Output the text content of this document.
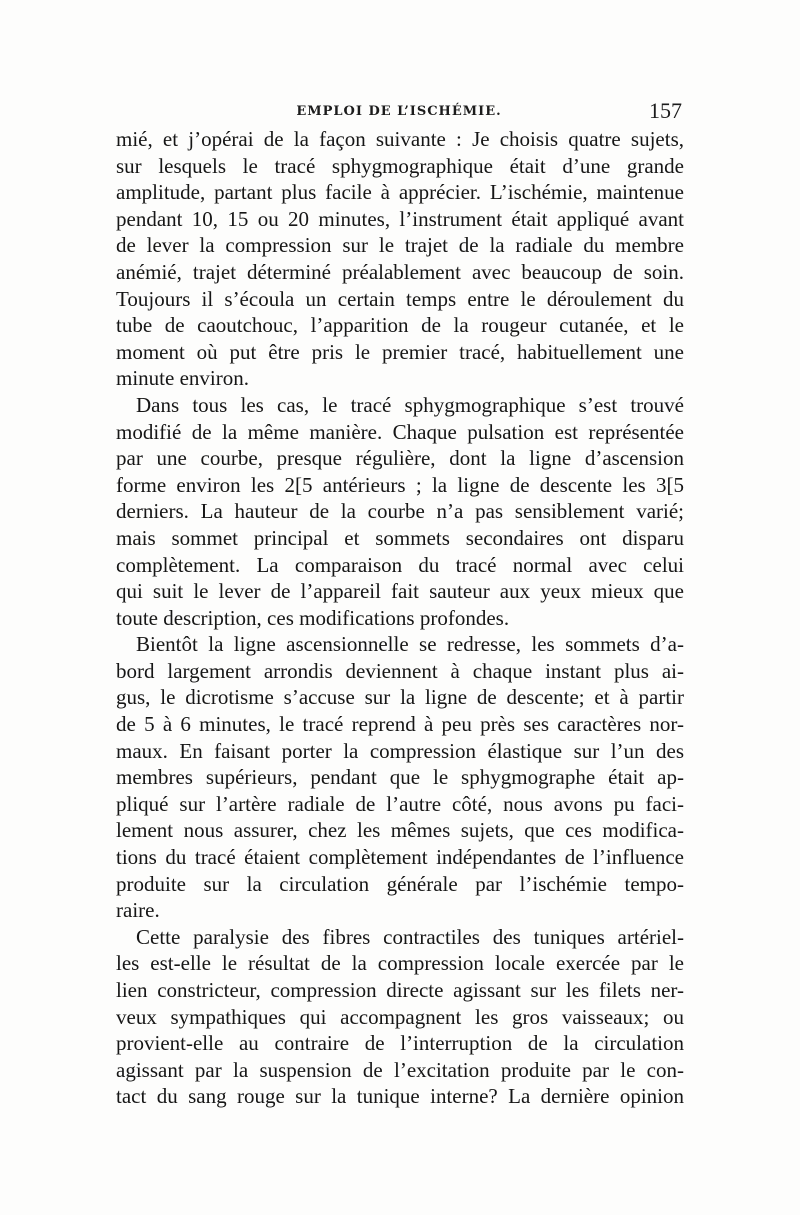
EMPLOI DE L’ISCHÉMIE.	157
mié, et j’opérai de la façon suivante : Je choisis quatre sujets,
sur lesquels le tracé sphygmographique était d’une grande
amplitude, partant plus facile à apprécier. L’ischémie, maintenue
pendant 10, 15 ou 20 minutes, l’instrument était appliqué avant
de lever la compression sur le trajet de la radiale du membre
anémié, trajet déterminé préalablement avec beaucoup de soin.
Toujours il s’écoula un certain temps entre le déroulement du
tube de caoutchouc, l’apparition de la rougeur cutanée, et le
moment où put être pris le premier tracé, habituellement une
minute environ.
Dans tous les cas, le tracé sphygmographique s’est trouvé
modifié de la même manière. Chaque pulsation est représentée
par une courbe, presque régulière, dont la ligne d’ascension
forme environ les 2[5 antérieurs ; la ligne de descente les 3[5
derniers. La hauteur de la courbe n’a pas sensiblement varié;
mais sommet principal et sommets secondaires ont disparu
complètement. La comparaison du tracé normal avec celui
qui suit le lever de l’appareil fait sauteur aux yeux mieux que
toute description, ces modifications profondes.
Bientôt la ligne ascensionnelle se redresse, les sommets d’a-
bord largement arrondis deviennent à chaque instant plus ai-
gus, le dicrotisme s’accuse sur la ligne de descente; et à partir
de 5 à 6 minutes, le tracé reprend à peu près ses caractères nor-
maux. En faisant porter la compression élastique sur l’un des
membres supérieurs, pendant que le sphygmographe était ap-
pliqué sur l’artère radiale de l’autre côté, nous avons pu faci-
lement nous assurer, chez les mêmes sujets, que ces modifica-
tions du tracé étaient complètement indépendantes de l’influence
produite sur la circulation générale par l’ischémie tempo-
raire.
Cette paralysie des fibres contractiles des tuniques artériel-
les est-elle le résultat de la compression locale exercée par le
lien constricteur, compression directe agissant sur les filets ner-
veux sympathiques qui accompagnent les gros vaisseaux; ou
provient-elle au contraire de l’interruption de la circulation
agissant par la suspension de l’excitation produite par le con-
tact du sang rouge sur la tunique interne? La dernière opinion
